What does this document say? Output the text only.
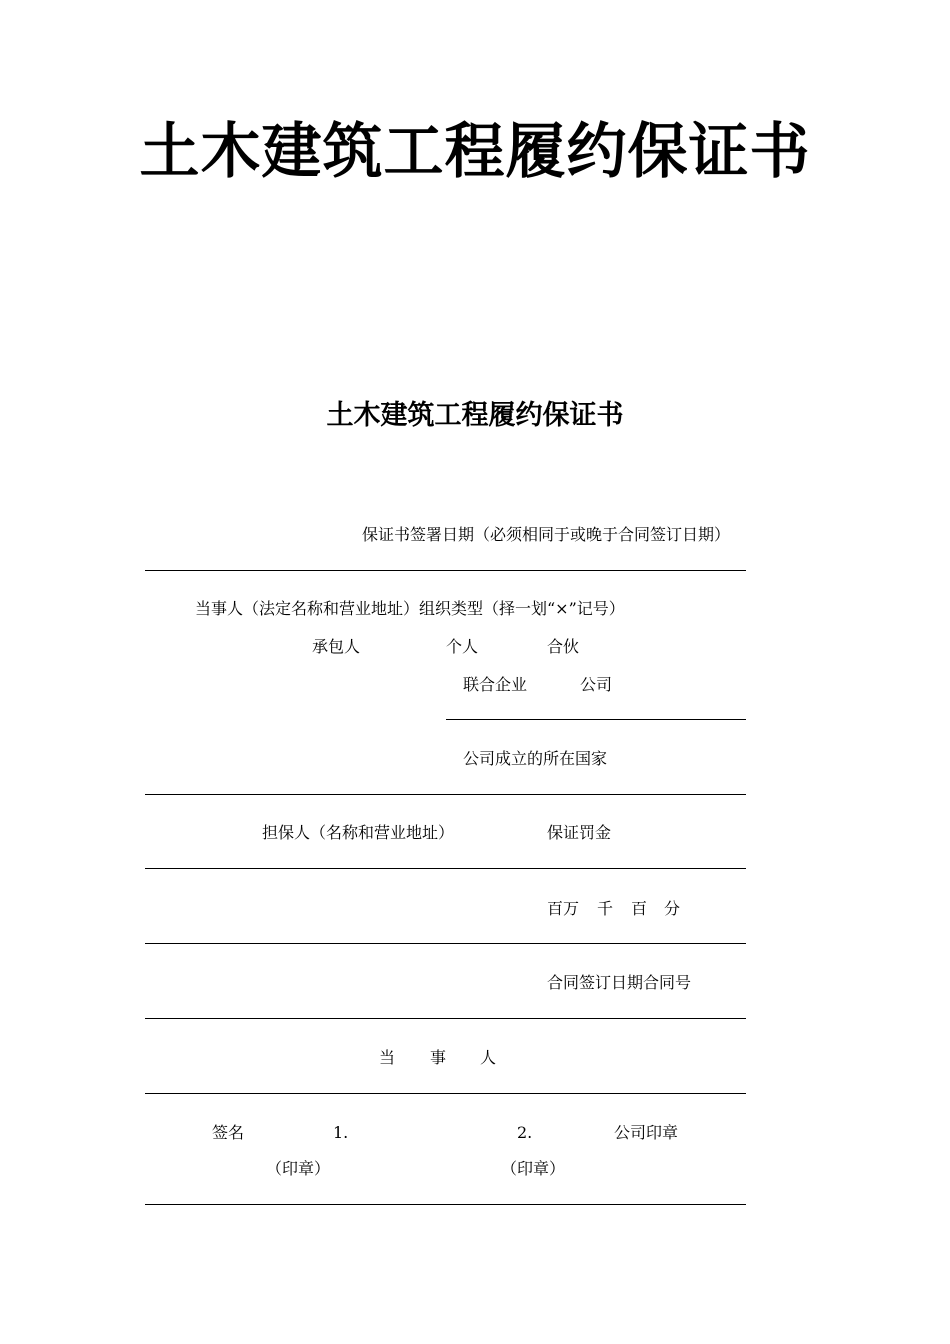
土木建筑工程履约保证书
土木建筑工程履约保证书
保证书签署日期（必须相同于或晚于合同签订日期）
当事人（法定名称和营业地址）组织类型（择一划“×”记号）
承包人	个人	合伙
联合企业	公司
公司成立的所在国家
担保人（名称和营业地址）	保证罚金
百万 千 百 分
合同签订日期合同号
当 事 人
签名	1.	2.	公司印章
（印章）	（印章）
